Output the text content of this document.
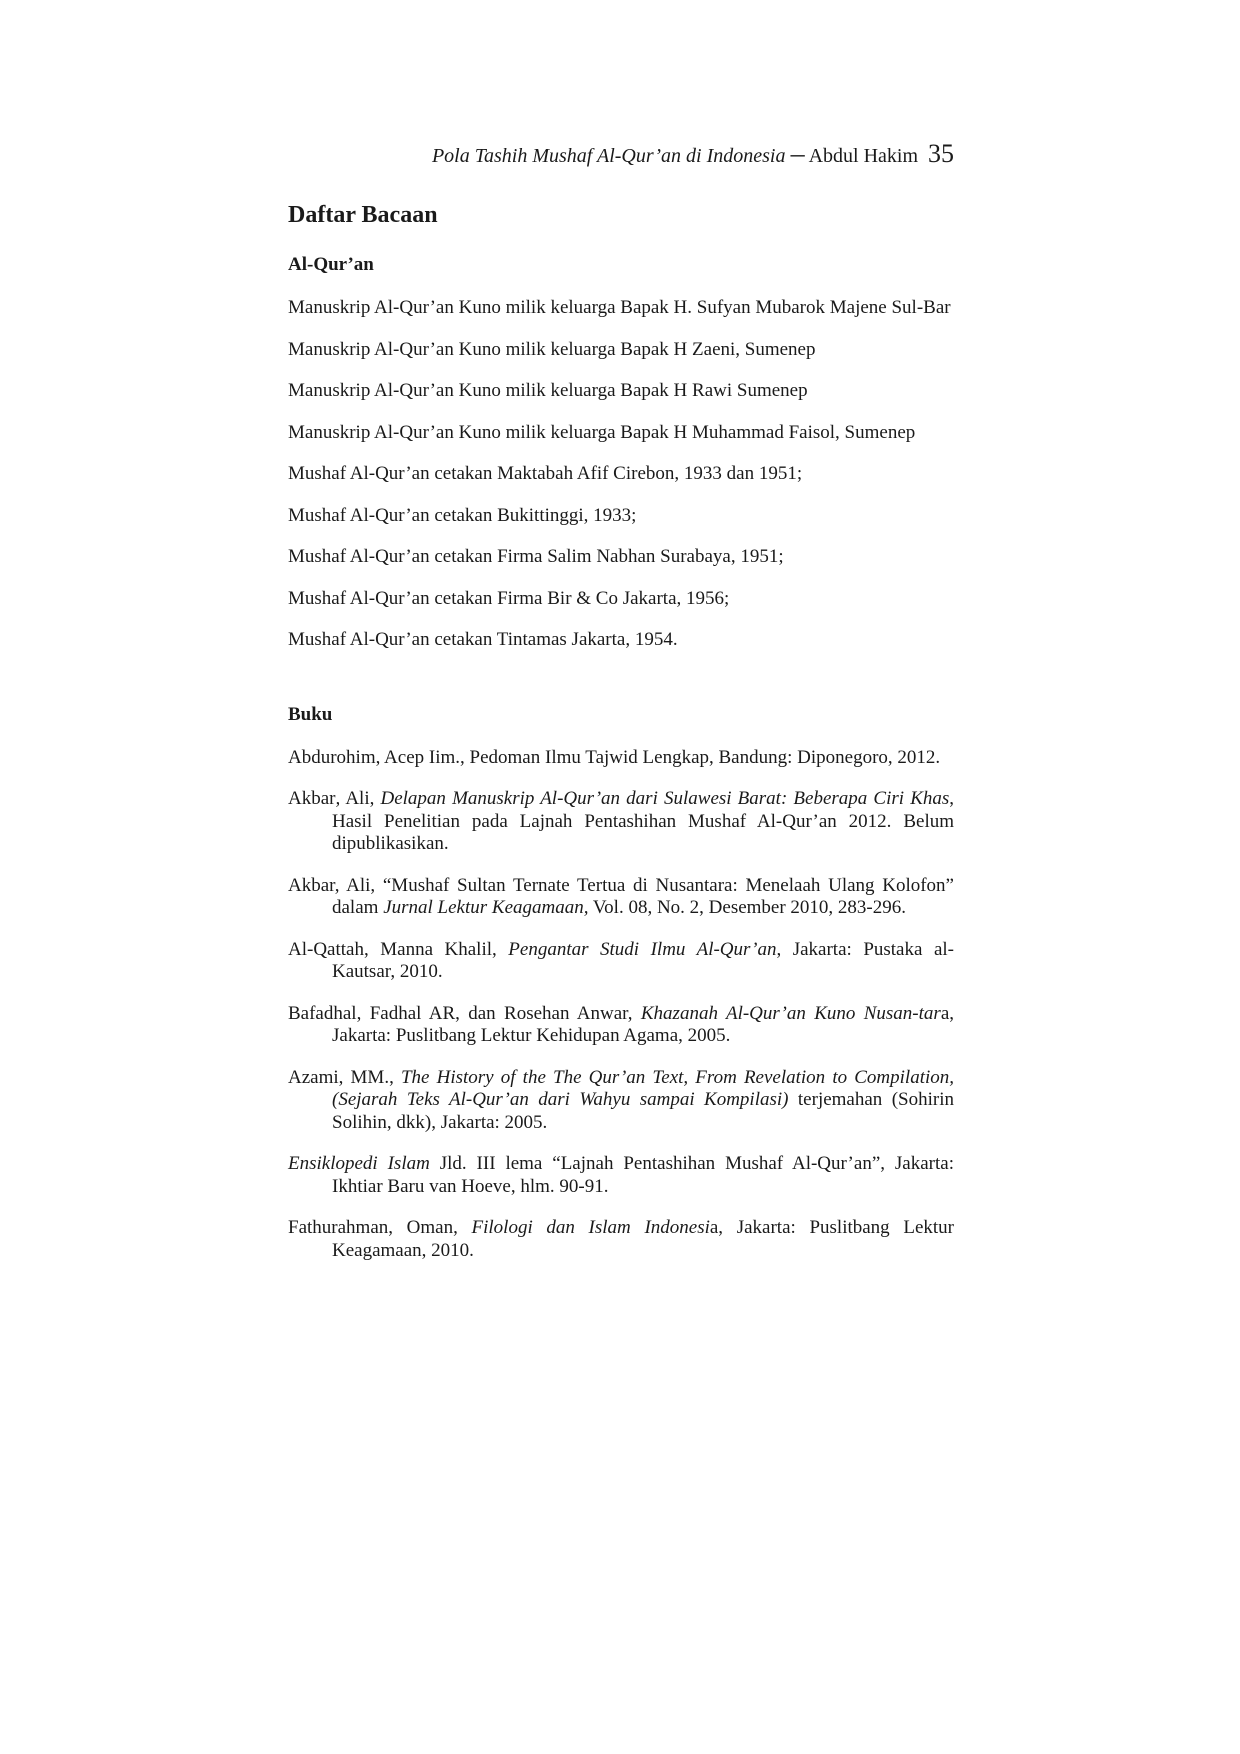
Pola Tashih Mushaf Al-Qur’an di Indonesia ─ Abdul Hakim 35
Daftar Bacaan
Al-Qur’an

Manuskrip Al-Qur’an Kuno milik keluarga Bapak H. Sufyan Mubarok Majene Sul-Bar

Manuskrip Al-Qur’an Kuno milik keluarga Bapak H Zaeni, Sumenep

Manuskrip Al-Qur’an Kuno milik keluarga Bapak H Rawi Sumenep

Manuskrip Al-Qur’an Kuno milik keluarga Bapak H Muhammad Faisol, Sumenep

Mushaf Al-Qur’an cetakan Maktabah Afif Cirebon, 1933 dan 1951;

Mushaf Al-Qur’an cetakan Bukittinggi, 1933;

Mushaf Al-Qur’an cetakan Firma Salim Nabhan Surabaya, 1951;

Mushaf Al-Qur’an cetakan Firma Bir & Co Jakarta, 1956;

Mushaf Al-Qur’an cetakan Tintamas Jakarta, 1954.

Buku

Abdurohim, Acep Iim., Pedoman Ilmu Tajwid Lengkap, Bandung: Diponegoro, 2012.

Akbar, Ali, Delapan Manuskrip Al-Qur’an dari Sulawesi Barat: Beberapa Ciri Khas, Hasil Penelitian pada Lajnah Pentashihan Mushaf Al-Qur’an 2012. Belum dipublikasikan.

Akbar, Ali, “Mushaf Sultan Ternate Tertua di Nusantara: Menelaah Ulang Kolofon” dalam Jurnal Lektur Keagamaan, Vol. 08, No. 2, Desember 2010, 283-296.

Al-Qattah, Manna Khalil, Pengantar Studi Ilmu Al-Qur’an, Jakarta: Pustaka al-Kautsar, 2010.

Bafadhal, Fadhal AR, dan Rosehan Anwar, Khazanah Al-Qur’an Kuno Nusan-tara, Jakarta: Puslitbang Lektur Kehidupan Agama, 2005.

Azami, MM., The History of the The Qur’an Text, From Revelation to Compilation, (Sejarah Teks Al-Qur’an dari Wahyu sampai Kompilasi) terjemahan (Sohirin Solihin, dkk), Jakarta: 2005.

Ensiklopedi Islam Jld. III lema “Lajnah Pentashihan Mushaf Al-Qur’an”, Jakarta: Ikhtiar Baru van Hoeve, hlm. 90-91.

Fathurahman, Oman, Filologi dan Islam Indonesia, Jakarta: Puslitbang Lektur Keagamaan, 2010.
